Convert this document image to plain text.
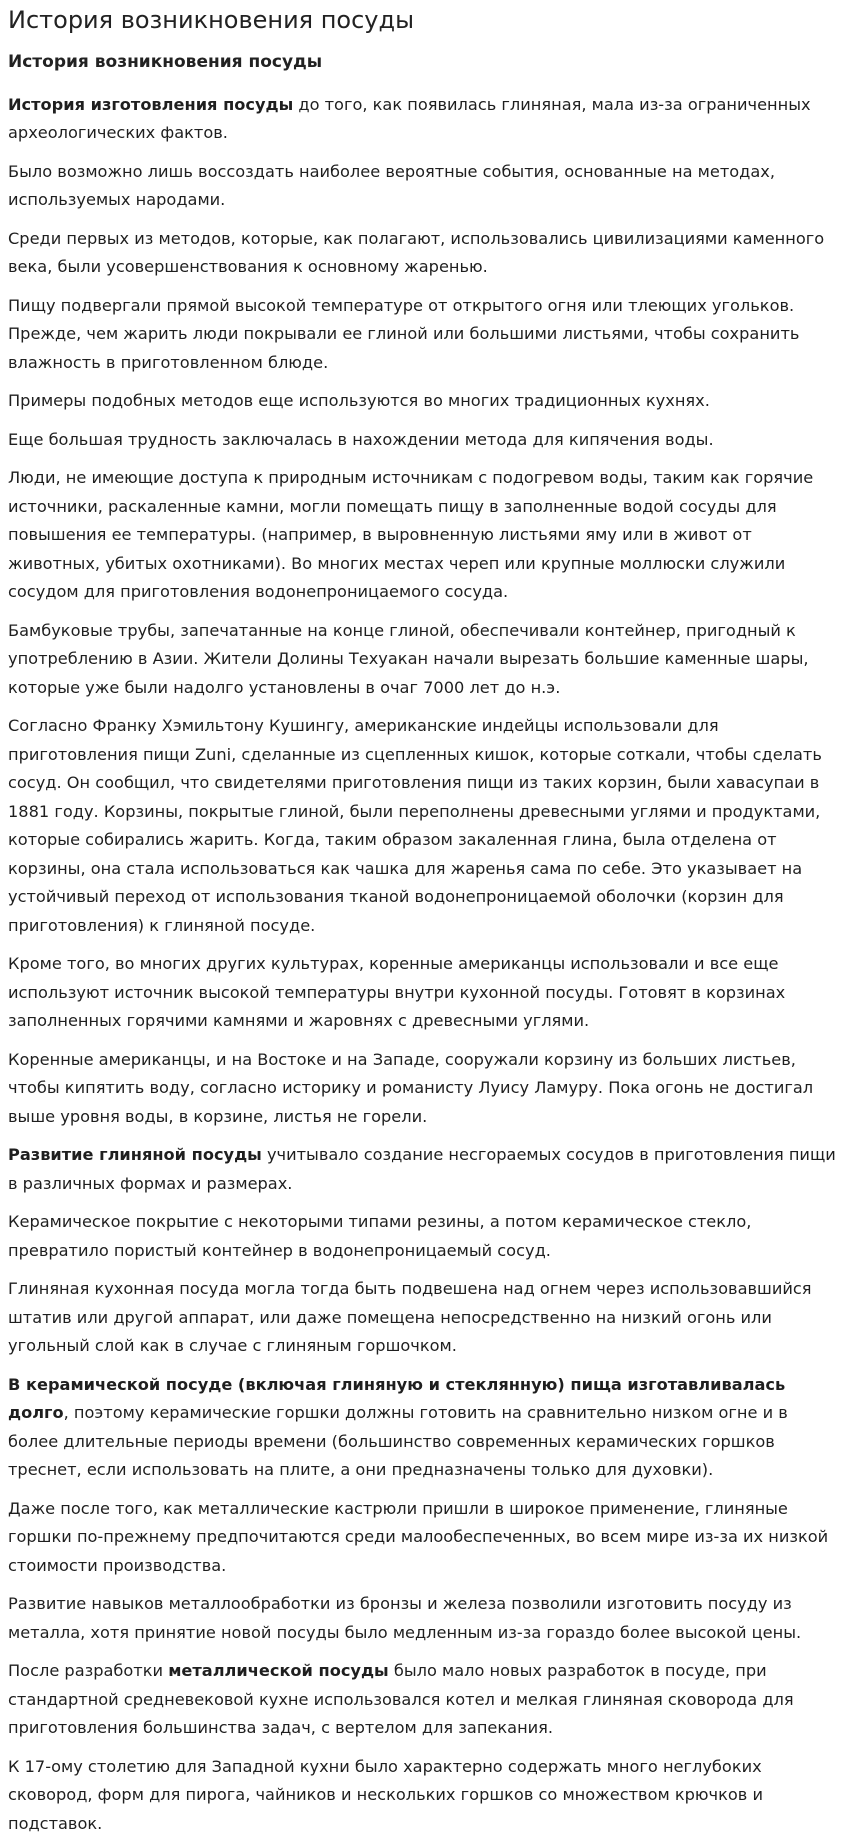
История возникновения посуды
История возникновения посуды

История изготовления посуды до того, как появилась глиняная, мала из-за ограниченных археологических фактов.

Было возможно лишь воссоздать наиболее вероятные события, основанные на методах, используемых народами.

Среди первых из методов, которые, как полагают, использовались цивилизациями каменного века, были усовершенствования к основному жаренью.

Пищу подвергали прямой высокой температуре от открытого огня или тлеющих угольков. Прежде, чем жарить люди покрывали ее глиной или большими листьями, чтобы сохранить влажность в приготовленном блюде.

Примеры подобных методов еще используются во многих традиционных кухнях.

Еще большая трудность заключалась в нахождении метода для кипячения воды.

Люди, не имеющие доступа к природным источникам с подогревом воды, таким как горячие источники, раскаленные камни, могли помещать пищу в заполненные водой сосуды для повышения ее температуры. (например, в выровненную листьями яму или в живот от животных, убитых охотниками). Во многих местах череп или крупные моллюски служили сосудом для приготовления водонепроницаемого сосуда.

Бамбуковые трубы, запечатанные на конце глиной, обеспечивали контейнер, пригодный к употреблению в Азии. Жители Долины Техуакан начали вырезать большие каменные шары, которые уже были надолго установлены в очаг 7000 лет до н.э.

Согласно Франку Хэмильтону Кушингу, американские индейцы использовали для приготовления пищи Zuni, сделанные из сцепленных кишок, которые соткали, чтобы сделать сосуд. Он сообщил, что свидетелями приготовления пищи из таких корзин, были хавасупаи в 1881 году. Корзины, покрытые глиной, были переполнены древесными углями и продуктами, которые собирались жарить. Когда, таким образом закаленная глина, была отделена от корзины, она стала использоваться как чашка для жаренья сама по себе. Это указывает на устойчивый переход от использования тканой водонепроницаемой оболочки (корзин для приготовления) к глиняной посуде.

Кроме того, во многих других культурах, коренные американцы использовали и все еще используют источник высокой температуры внутри кухонной посуды. Готовят в корзинах заполненных горячими камнями и жаровнях с древесными углями.

Коренные американцы, и на Востоке и на Западе, сооружали корзину из больших листьев, чтобы кипятить воду, согласно историку и романисту Луису Ламуру. Пока огонь не достигал выше уровня воды, в корзине, листья не горели.

Развитие глиняной посуды учитывало создание несгораемых сосудов в приготовления пищи в различных формах и размерах.

Керамическое покрытие с некоторыми типами резины, а потом керамическое стекло, превратило пористый контейнер в водонепроницаемый сосуд.

Глиняная кухонная посуда могла тогда быть подвешена над огнем через использовавшийся штатив или другой аппарат, или даже помещена непосредственно на низкий огонь или угольный слой как в случае с глиняным горшочком.

В керамической посуде (включая глиняную и стеклянную) пища изготавливалась долго, поэтому керамические горшки должны готовить на сравнительно низком огне и в более длительные периоды времени (большинство современных керамических горшков треснет, если использовать на плите, а они предназначены только для духовки).

Даже после того, как металлические кастрюли пришли в широкое применение, глиняные горшки по-прежнему предпочитаются среди малообеспеченных, во всем мире из-за их низкой стоимости производства.

Развитие навыков металлообработки из бронзы и железа позволили изготовить посуду из металла, хотя принятие новой посуды было медленным из-за гораздо более высокой цены.

После разработки металлической посуды было мало новых разработок в посуде, при стандартной средневековой кухне использовался котел и мелкая глиняная сковорода для приготовления большинства задач, с вертелом для запекания.

К 17-ому столетию для Западной кухни было характерно содержать много неглубоких сковород, форм для пирога, чайников и нескольких горшков со множеством крючков и подставок.
